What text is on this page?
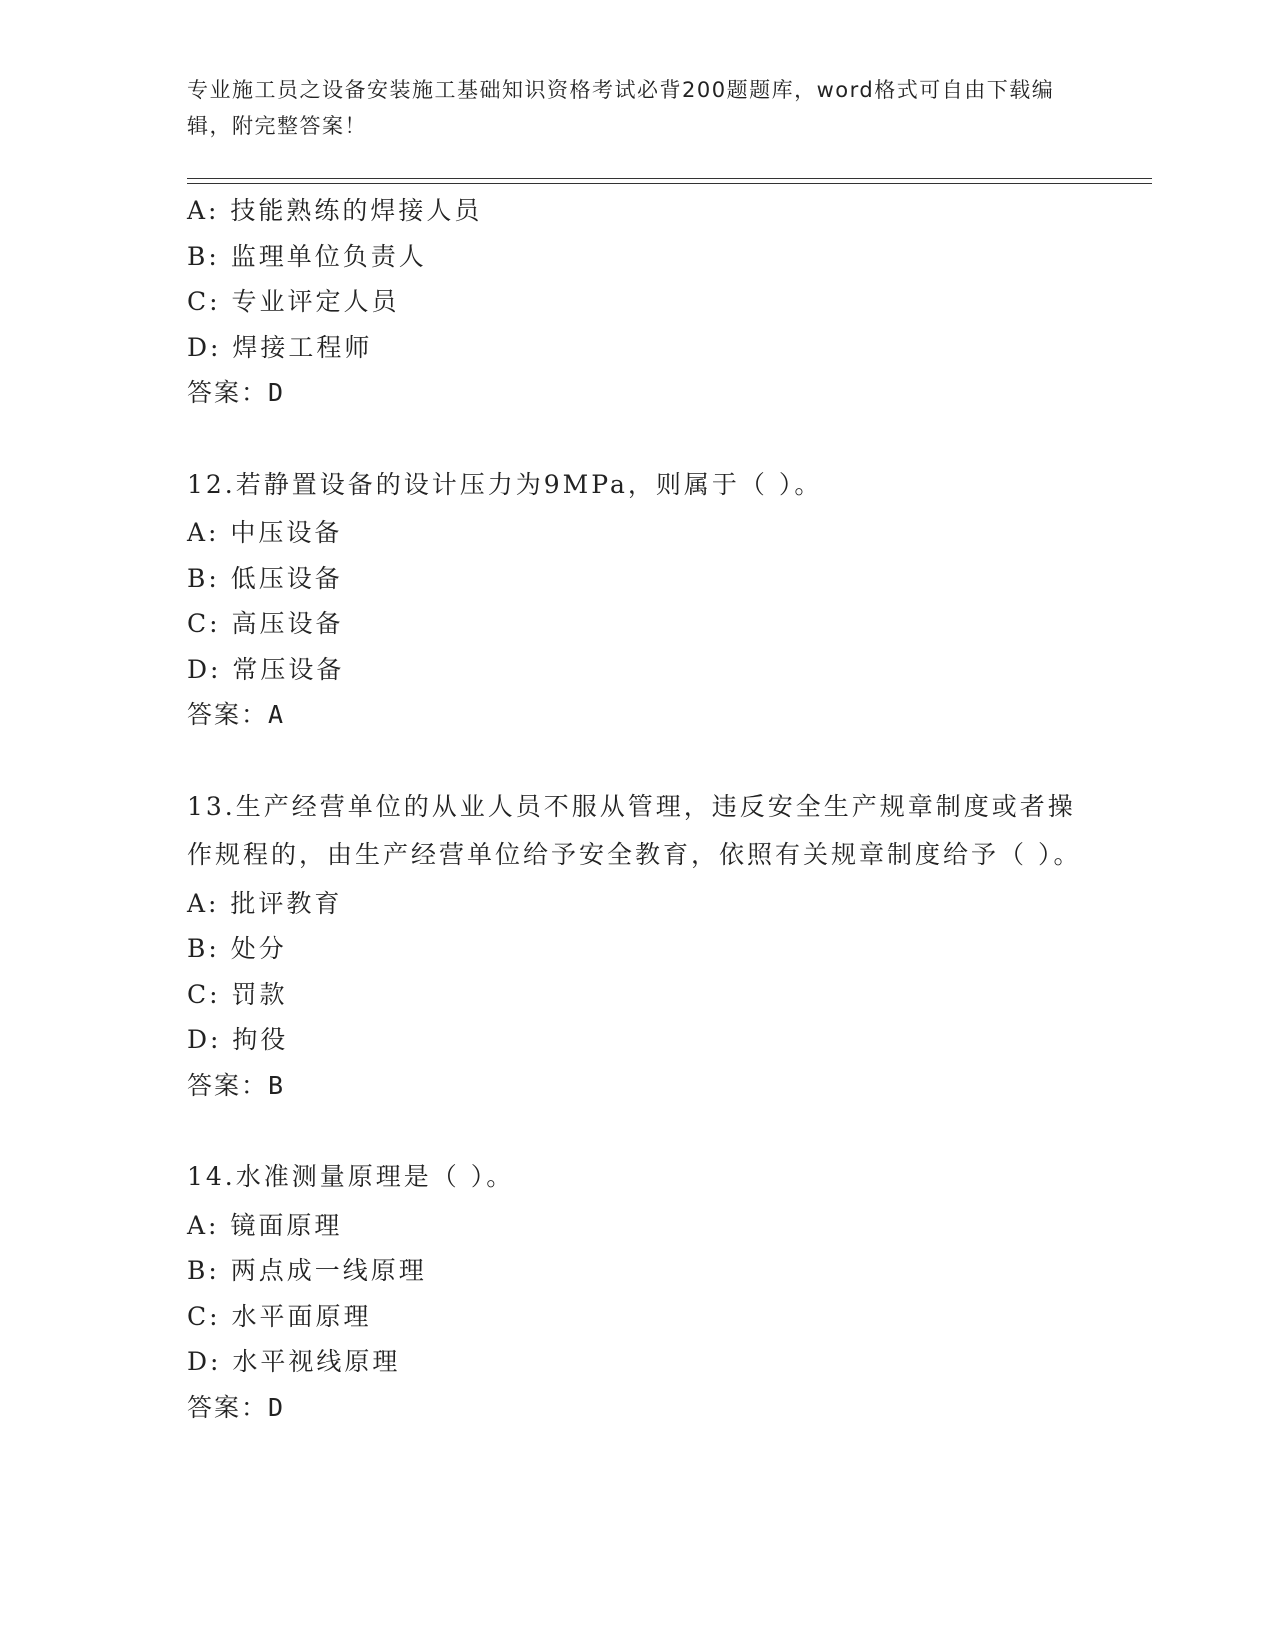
专业施工员之设备安装施工基础知识资格考试必背200题题库，word格式可自由下载编辑，附完整答案！
A: 技能熟练的焊接人员
B: 监理单位负责人
C: 专业评定人员
D: 焊接工程师
答案：D
12.若静置设备的设计压力为9MPa，则属于（ ）。
A: 中压设备
B: 低压设备
C: 高压设备
D: 常压设备
答案：A
13.生产经营单位的从业人员不服从管理，违反安全生产规章制度或者操作规程的，由生产经营单位给予安全教育，依照有关规章制度给予（ ）。
A: 批评教育
B: 处分
C: 罚款
D: 拘役
答案：B
14.水准测量原理是（ ）。
A: 镜面原理
B: 两点成一线原理
C: 水平面原理
D: 水平视线原理
答案：D
